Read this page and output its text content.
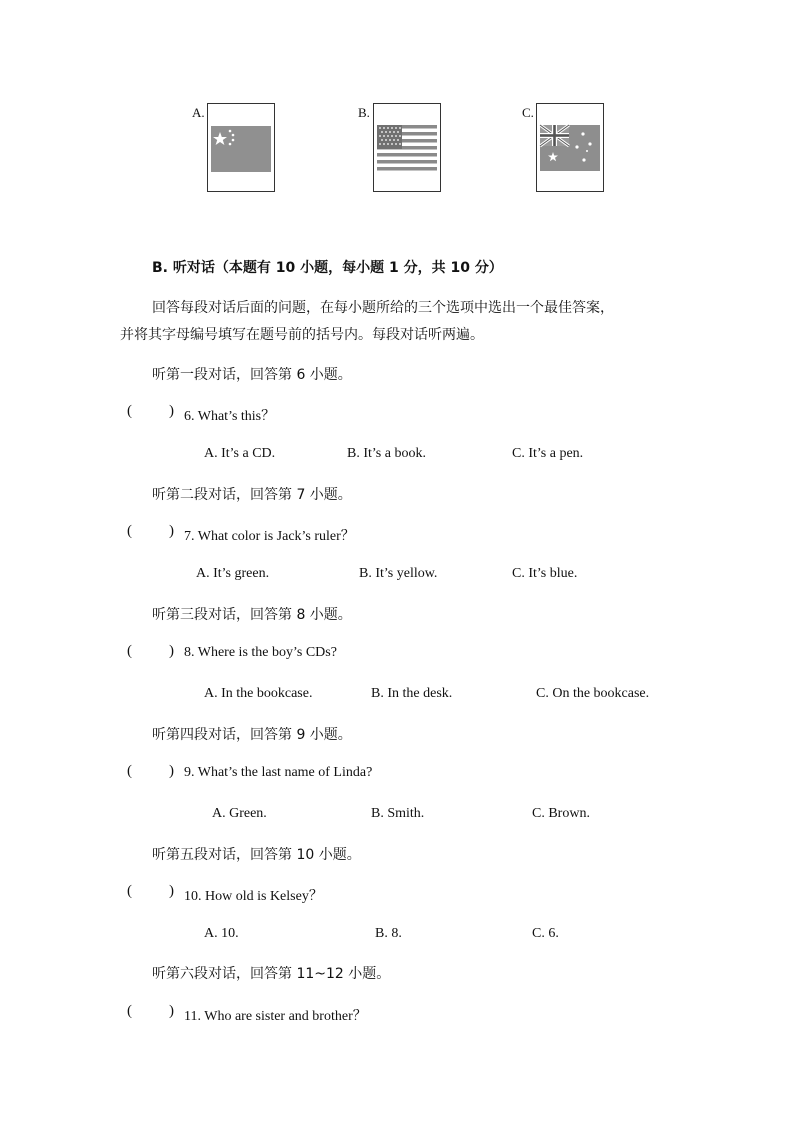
A.	B.	C.
B. 听对话（本题有 10 小题，每小题 1 分，共 10 分）
回答每段对话后面的问题，在每小题所给的三个选项中选出一个最佳答案，
并将其字母编号填写在题号前的括号内。每段对话听两遍。
听第一段对话，回答第 6 小题。
( ) 6. What’s this？
A. It’s a CD.	B. It’s a book.	C. It’s a pen.
听第二段对话，回答第 7 小题。
( ) 7. What color is Jack’s ruler？
A. It’s green.	B. It’s yellow.	C. It’s blue.
听第三段对话，回答第 8 小题。
( ) 8. Where is the boy’s CDs?
A. In the bookcase.	B. In the desk.	C. On the bookcase.
听第四段对话，回答第 9 小题。
( ) 9. What’s the last name of Linda?
A. Green.	B. Smith.	C. Brown.
听第五段对话，回答第 10 小题。
( ) 10. How old is Kelsey？
A. 10.	B. 8.	C. 6.
听第六段对话，回答第 11~12 小题。
( ) 11. Who are sister and brother？
